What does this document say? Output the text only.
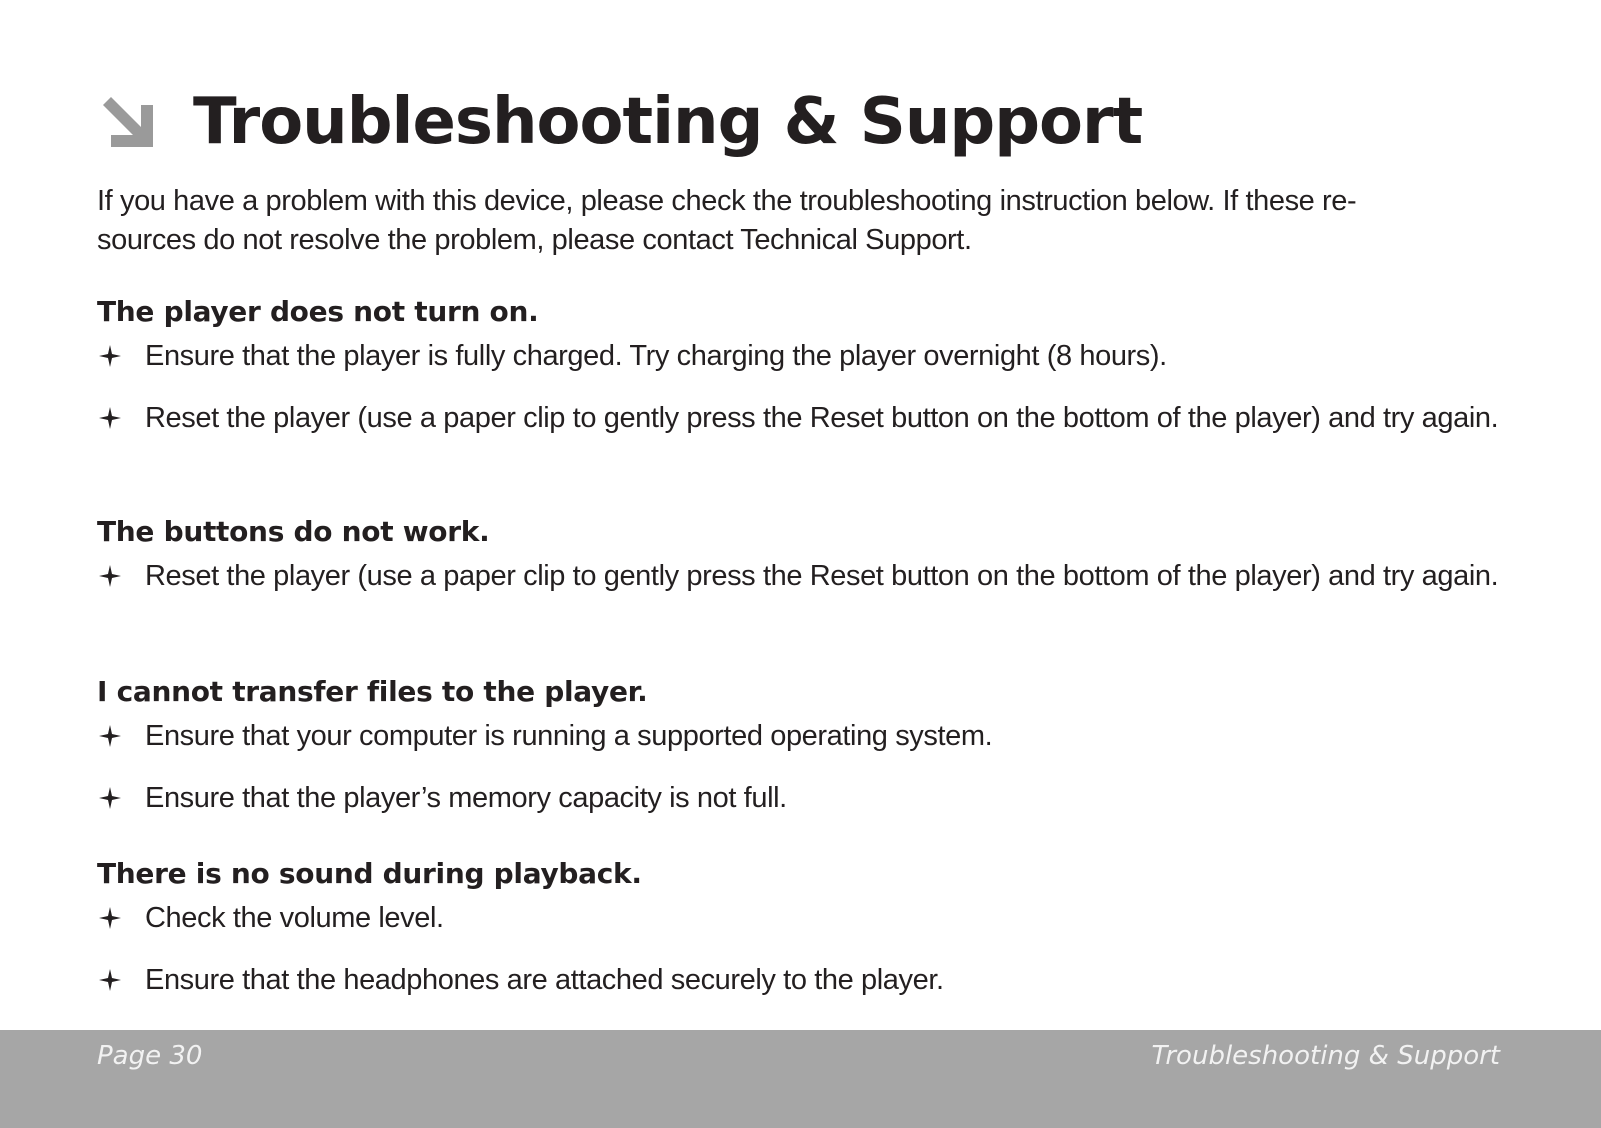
Troubleshooting & Support

If you have a problem with this device, please check the troubleshooting instruction below. If these re-
sources do not resolve the problem, please contact Technical Support.

The player does not turn on.
Ensure that the player is fully charged. Try charging the player overnight (8 hours).
Reset the player (use a paper clip to gently press the Reset button on the bottom of the player) and try again.
The buttons do not work.
Reset the player (use a paper clip to gently press the Reset button on the bottom of the player) and try again.
I cannot transfer files to the player.
Ensure that your computer is running a supported operating system.
Ensure that the player’s memory capacity is not full.
There is no sound during playback.
Check the volume level.
Ensure that the headphones are attached securely to the player.
Page 30	Troubleshooting & Support
